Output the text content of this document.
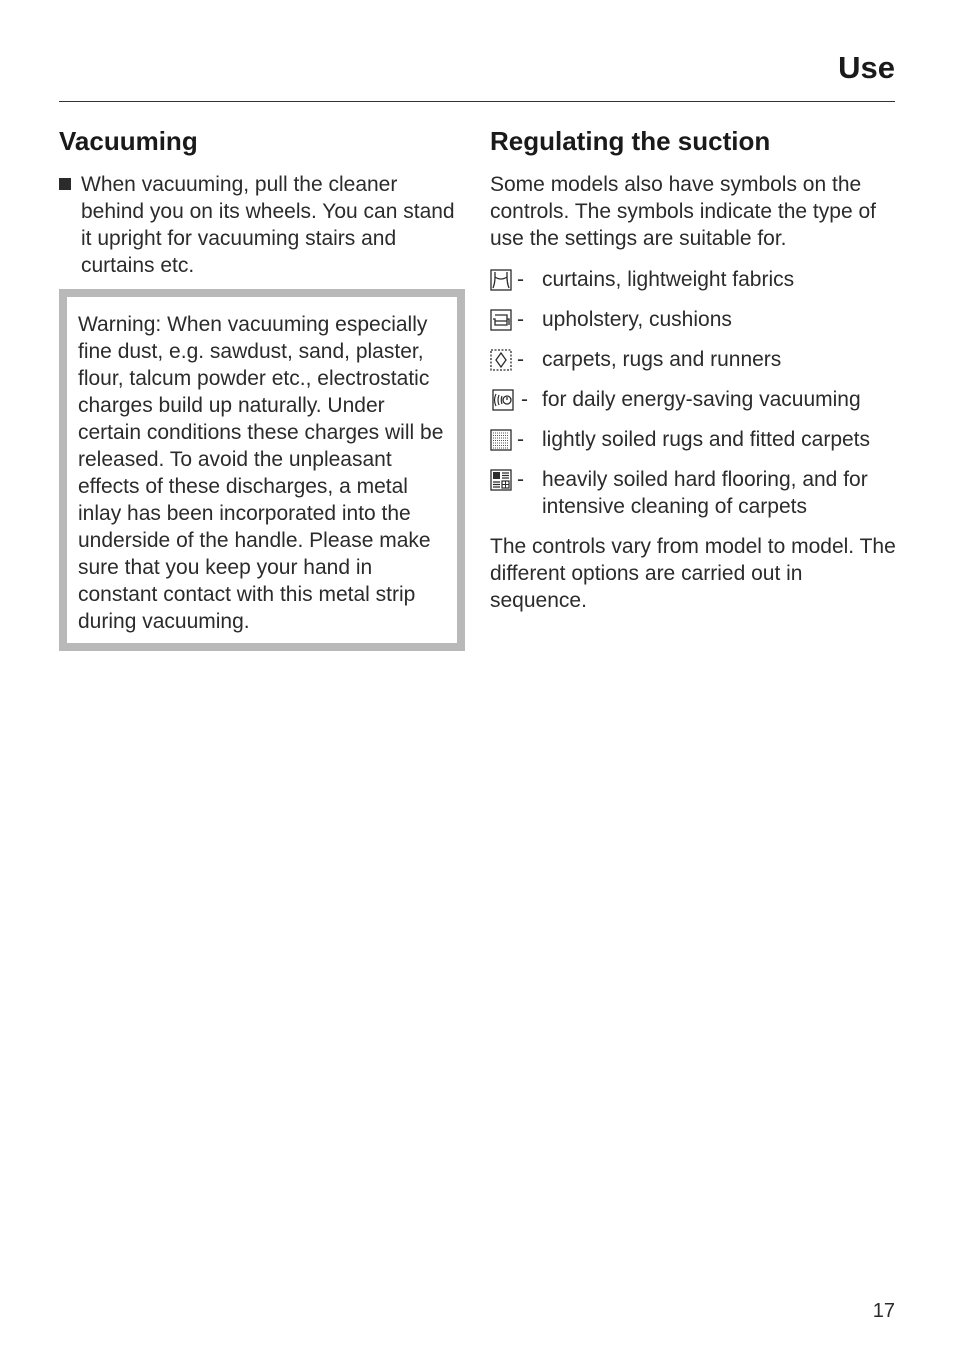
Use
Vacuuming
When vacuuming, pull the cleaner behind you on its wheels. You can stand it upright for vacuuming stairs and curtains etc.
Warning: When vacuuming especially fine dust, e.g. sawdust, sand, plaster, flour, talcum powder etc., electrostatic charges build up naturally. Under certain conditions these charges will be released. To avoid the unpleasant effects of these discharges, a metal inlay has been incorporated into the underside of the handle. Please make sure that you keep your hand in constant contact with this metal strip during vacuuming.
Regulating the suction
Some models also have symbols on the controls. The symbols indicate the type of use the settings are suitable for.
- curtains, lightweight fabrics
- upholstery, cushions
- carpets, rugs and runners
- for daily energy-saving vacuuming
- lightly soiled rugs and fitted carpets
- heavily soiled hard flooring, and for intensive cleaning of carpets
The controls vary from model to model. The different options are carried out in sequence.
17
